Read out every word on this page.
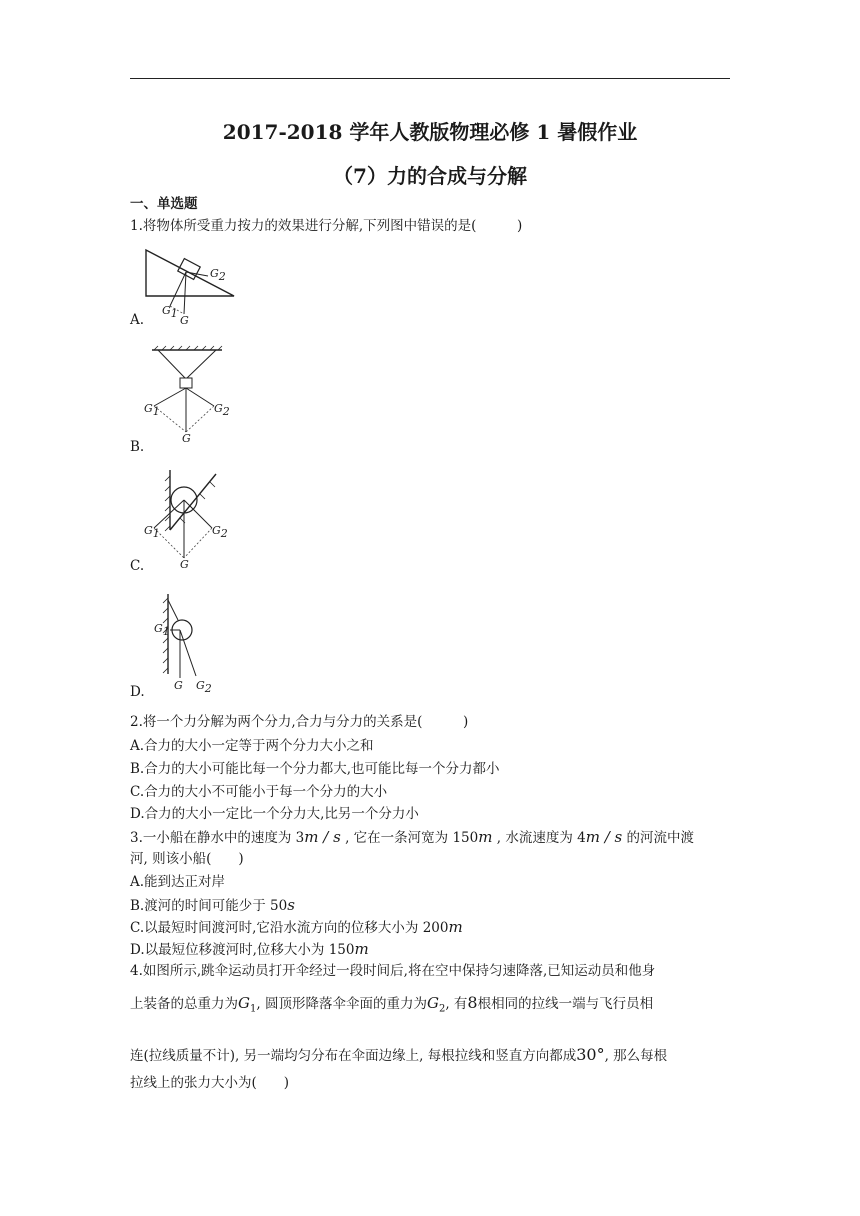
2017-2018 学年人教版物理必修 1 暑假作业
（7）力的合成与分解
一、单选题
1.将物体所受重力按力的效果进行分解,下列图中错误的是(　　　)
G2
G1
G
A.
G1	G2
G
B.
G1	G2
G
C.
G1
G G2
D.
2.将一个力分解为两个分力,合力与分力的关系是(　　　)
A.合力的大小一定等于两个分力大小之和
B.合力的大小可能比每一个分力都大,也可能比每一个分力都小
C.合力的大小不可能小于每一个分力的大小
D.合力的大小一定比一个分力大,比另一个分力小
3.一小船在静水中的速度为 3m / s , 它在一条河宽为 150m , 水流速度为 4m / s 的河流中渡
河, 则该小船(　　)
A.能到达正对岸
B.渡河的时间可能少于 50s
C.以最短时间渡河时,它沿水流方向的位移大小为 200m
D.以最短位移渡河时,位移大小为 150m
4.如图所示,跳伞运动员打开伞经过一段时间后,将在空中保持匀速降落,已知运动员和他身
上装备的总重力为$G_1$, 圆顶形降落伞伞面的重力为$G_2$, 有8根相同的拉线一端与飞行员相
连(拉线质量不计), 另一端均匀分布在伞面边缘上, 每根拉线和竖直方向都成30°, 那么每根
拉线上的张力大小为(　　)
